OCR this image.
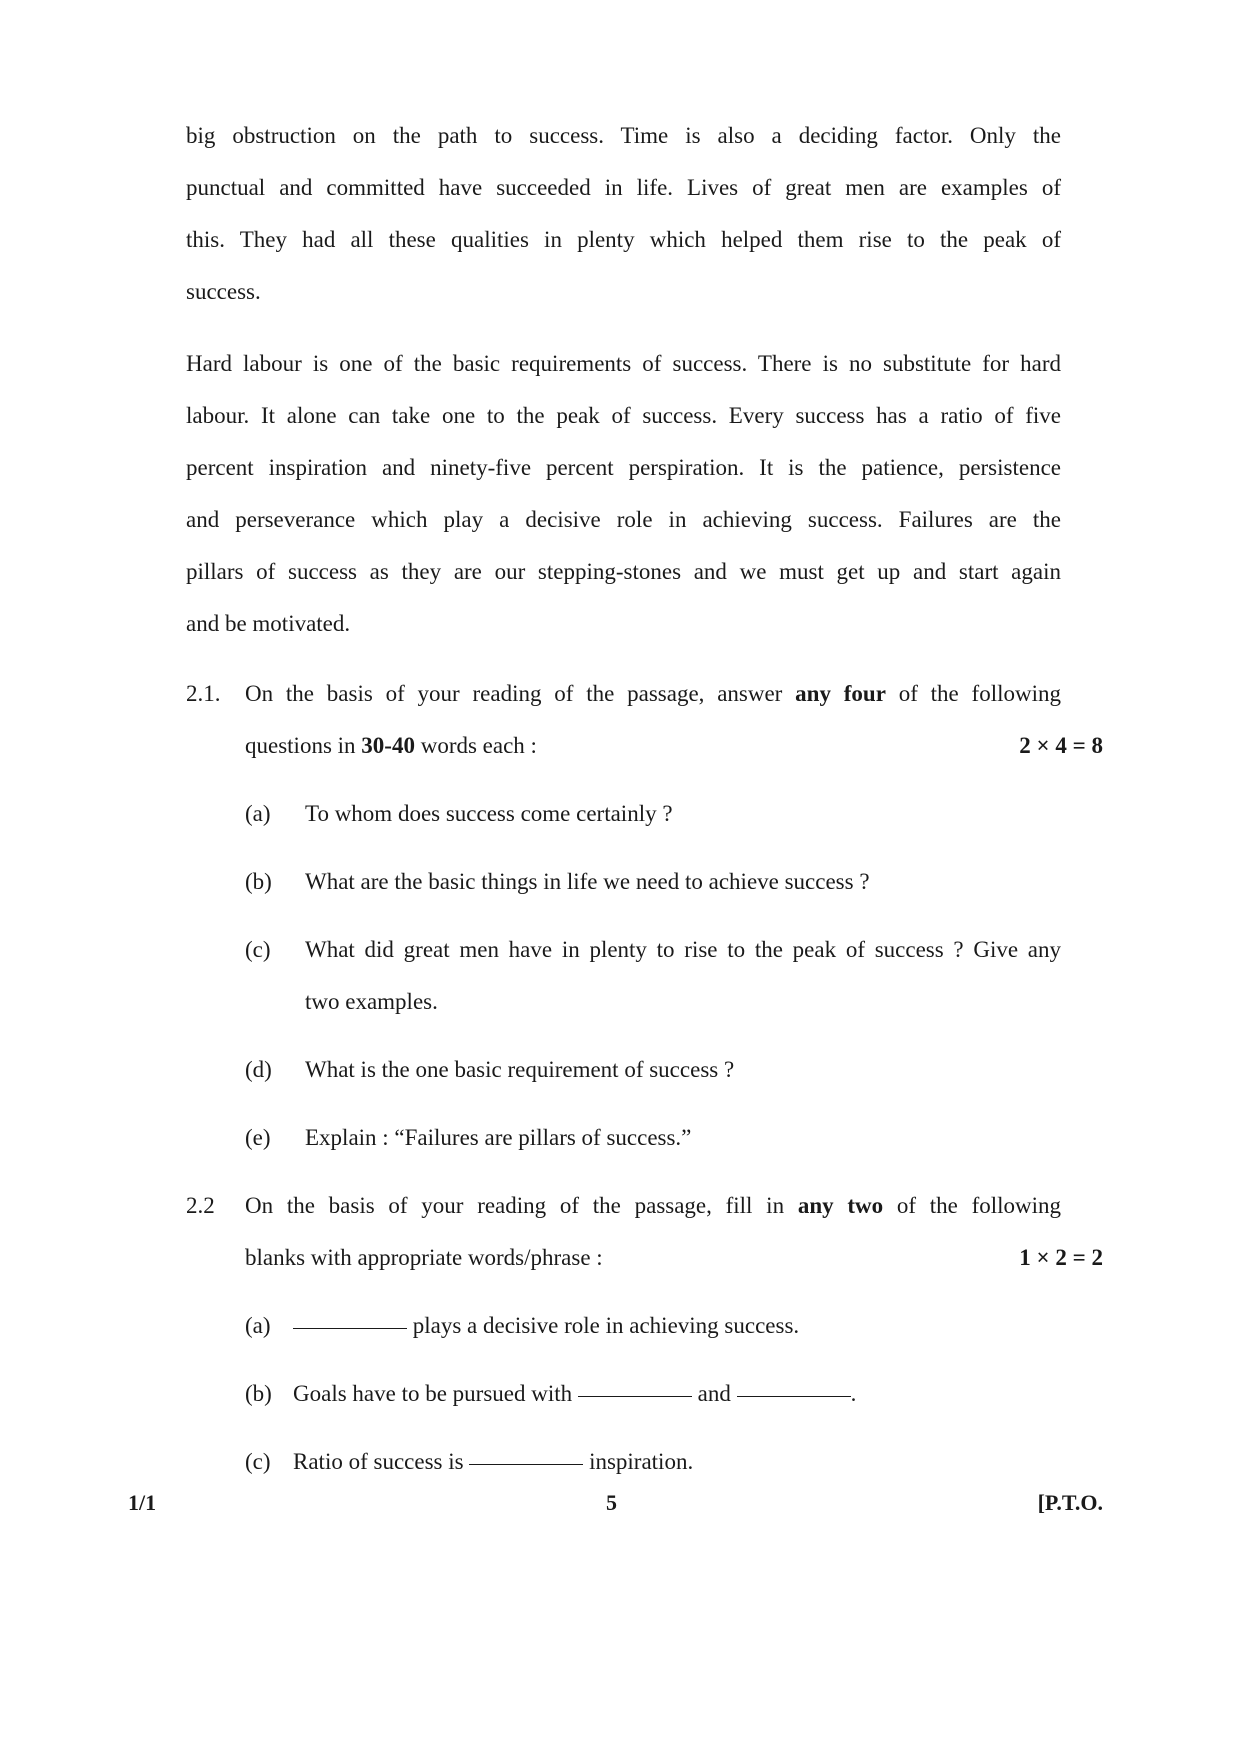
big obstruction on the path to success. Time is also a deciding factor. Only the
punctual and committed have succeeded in life. Lives of great men are examples of
this. They had all these qualities in plenty which helped them rise to the peak of
success.
Hard labour is one of the basic requirements of success. There is no substitute for hard
labour. It alone can take one to the peak of success. Every success has a ratio of five
percent inspiration and ninety-five percent perspiration. It is the patience, persistence
and perseverance which play a decisive role in achieving success. Failures are the
pillars of success as they are our stepping-stones and we must get up and start again
and be motivated.
2.1. On the basis of your reading of the passage, answer any four of the following
questions in 30-40 words each :	2 × 4 = 8
(a) To whom does success come certainly ?
(b) What are the basic things in life we need to achieve success ?
(c) What did great men have in plenty to rise to the peak of success ? Give any
two examples.
(d) What is the one basic requirement of success ?
(e) Explain : “Failures are pillars of success.”
2.2 On the basis of your reading of the passage, fill in any two of the following
blanks with appropriate words/phrase :	1 × 2 = 2
(a)	plays a decisive role in achieving success.
(b) Goals have to be pursued with	and	.
(c) Ratio of success is	inspiration.
1/1	5	[P.T.O.
